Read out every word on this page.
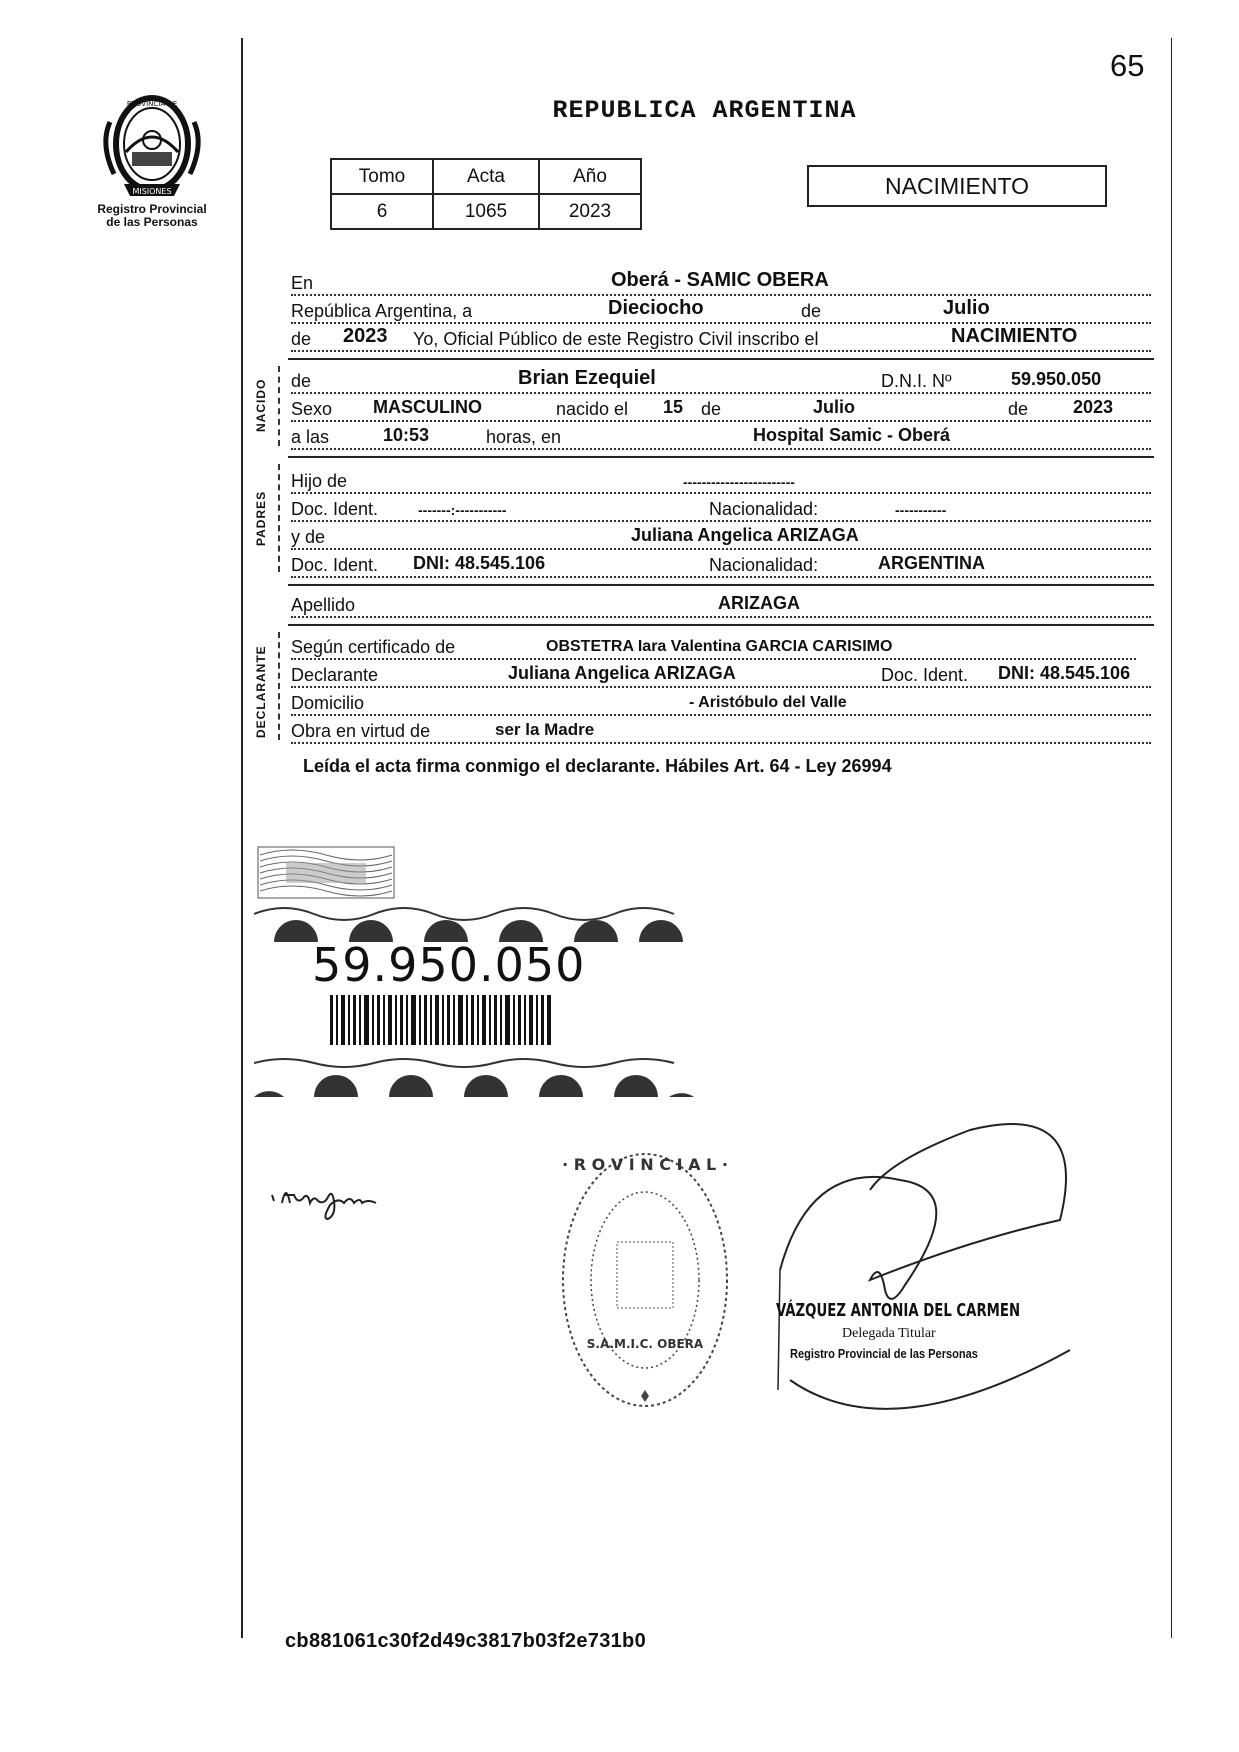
65
REPUBLICA ARGENTINA
MISIONES
PROVINCIA DE
Registro Provincial
de las Personas
Tomo	Acta	Año
6	1065	2023
NACIMIENTO
En	Oberá - SAMIC OBERA
República Argentina, a	Dieciocho	de	Julio
de 2023 Yo, Oficial Público de este Registro Civil inscribo el	NACIMIENTO
NACIDO de	Brian Ezequiel	D.N.I. Nº	59.950.050
Sexo MASCULINO	nacido el 15 de	Julio	de 2023
a las	10:53	horas, en	Hospital Samic - Oberá
PADRES
Hijo de	------------------------
Doc. Ident.	-------:-----------	Nacionalidad:	-----------
y de	Juliana Angelica ARIZAGA
Doc. Ident. DNI: 48.545.106	Nacionalidad:	ARGENTINA
Apellido	ARIZAGA
DECLARANTE Según certificado de	OBSTETRA Iara Valentina GARCIA CARISIMO
Declarante	Juliana Angelica ARIZAGA	Doc. Ident. DNI: 48.545.106
Domicilio	- Aristóbulo del Valle
Obra en virtud de	ser la Madre
Leída el acta firma conmigo el declarante. Hábiles Art. 64 - Ley 26994
59.950.050
· R O V I N C I A L ·
S.A.M.I.C. OBERA
VÁZQUEZ ANTONIA DEL CARMEN
Delegada Titular
Registro Provincial de las Personas
cb881061c30f2d49c3817b03f2e731b0
